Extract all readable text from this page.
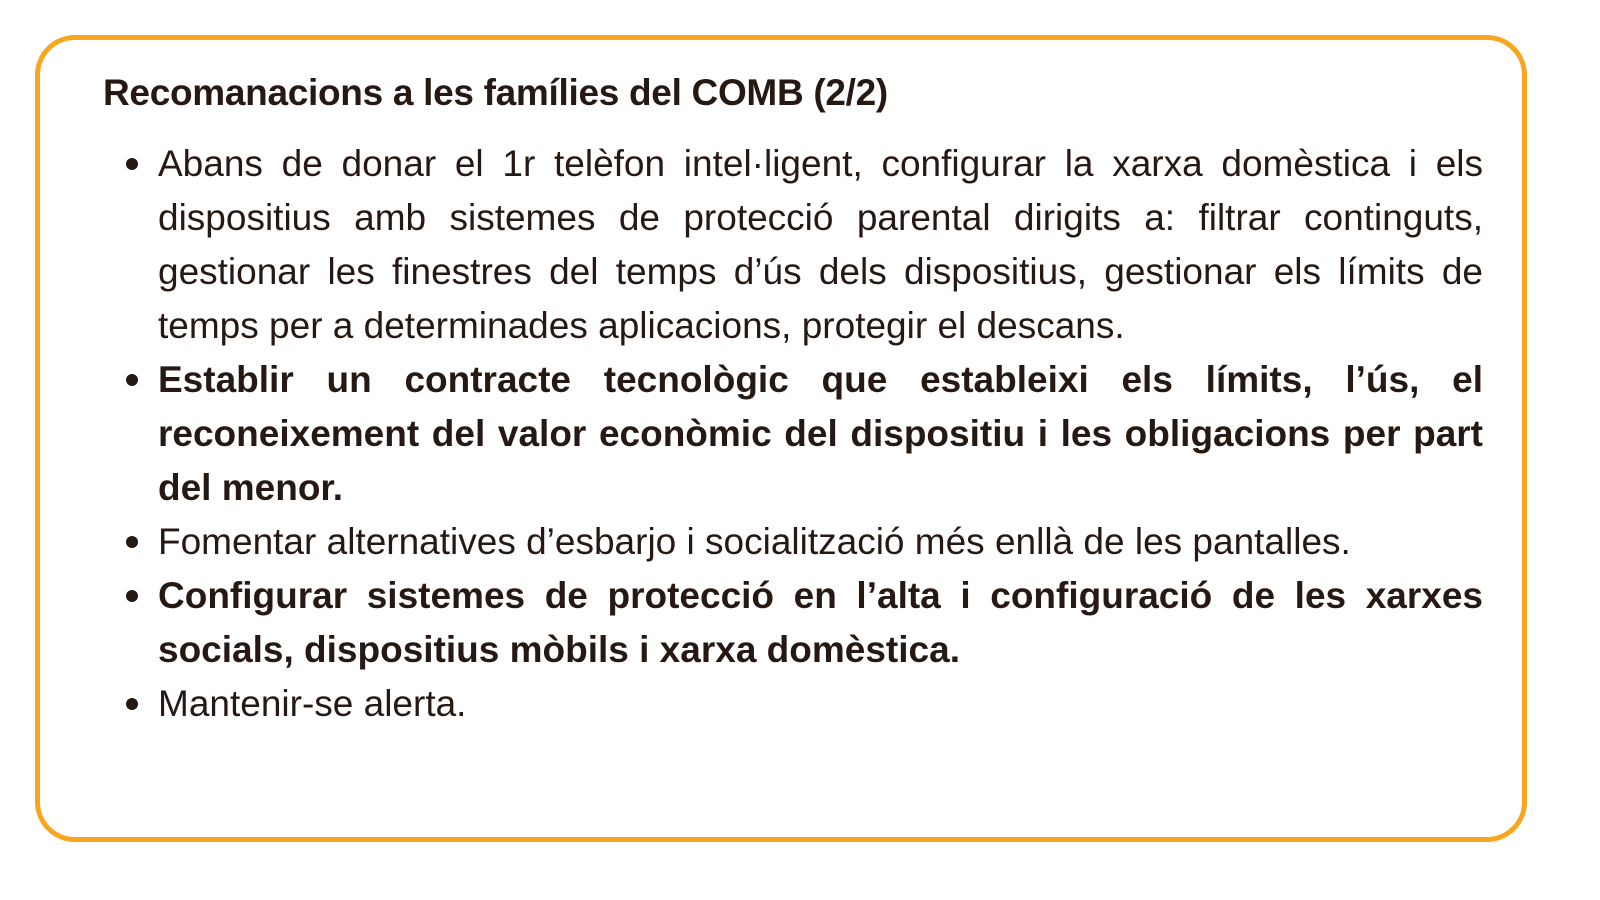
Recomanacions a les famílies del COMB (2/2)
Abans de donar el 1r telèfon intel·ligent, configurar la xarxa domèstica i els dispositius amb sistemes de protecció parental dirigits a: filtrar continguts, gestionar les finestres del temps d’ús dels dispositius, gestionar els límits de temps per a determinades aplicacions, protegir el descans.
Establir un contracte tecnològic que estableixi els límits, l’ús, el reconeixement del valor econòmic del dispositiu i les obligacions per part del menor.
Fomentar alternatives d’esbarjo i socialització més enllà de les pantalles.
Configurar sistemes de protecció en l’alta i configuració de les xarxes socials, dispositius mòbils i xarxa domèstica.
Mantenir-se alerta.
